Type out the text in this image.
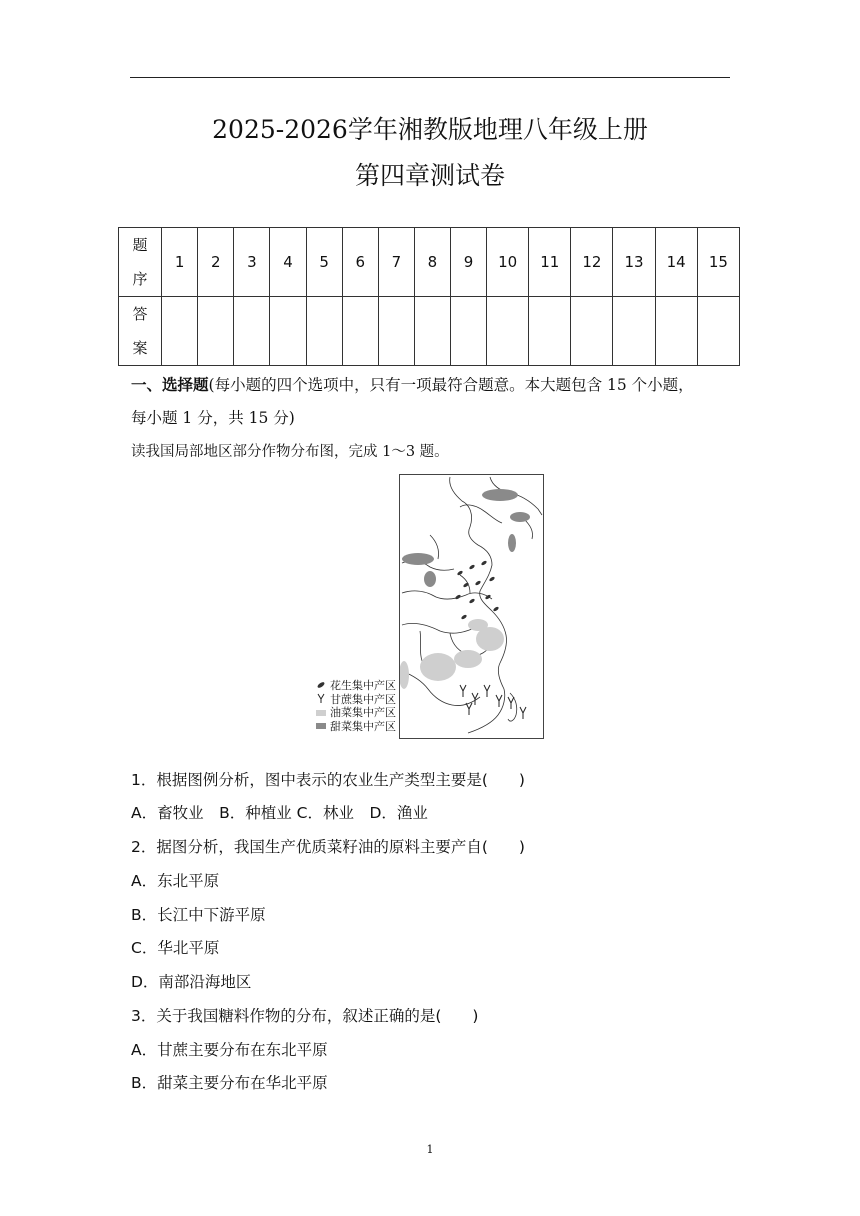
2025-2026学年湘教版地理八年级上册
第四章测试卷
题
序	1	2	3	4	5	6	7	8	9	10	11	12	13	14	15

答
案															

一、选择题(每小题的四个选项中，只有一项最符合题意。本大题包含 15 个小题，
每小题 1 分，共 15 分)
读我国局部地区部分作物分布图，完成 1～3 题。
花生集中产区
甘蔗集中产区
油菜集中产区
甜菜集中产区
1．根据图例分析，图中表示的农业生产类型主要是(　　)
A．畜牧业　B．种植业 C．林业　D．渔业
2．据图分析，我国生产优质菜籽油的原料主要产自(　　)
A．东北平原
B．长江中下游平原
C．华北平原
D．南部沿海地区
3．关于我国糖料作物的分布，叙述正确的是(　　)
A．甘蔗主要分布在东北平原
B．甜菜主要分布在华北平原
1
